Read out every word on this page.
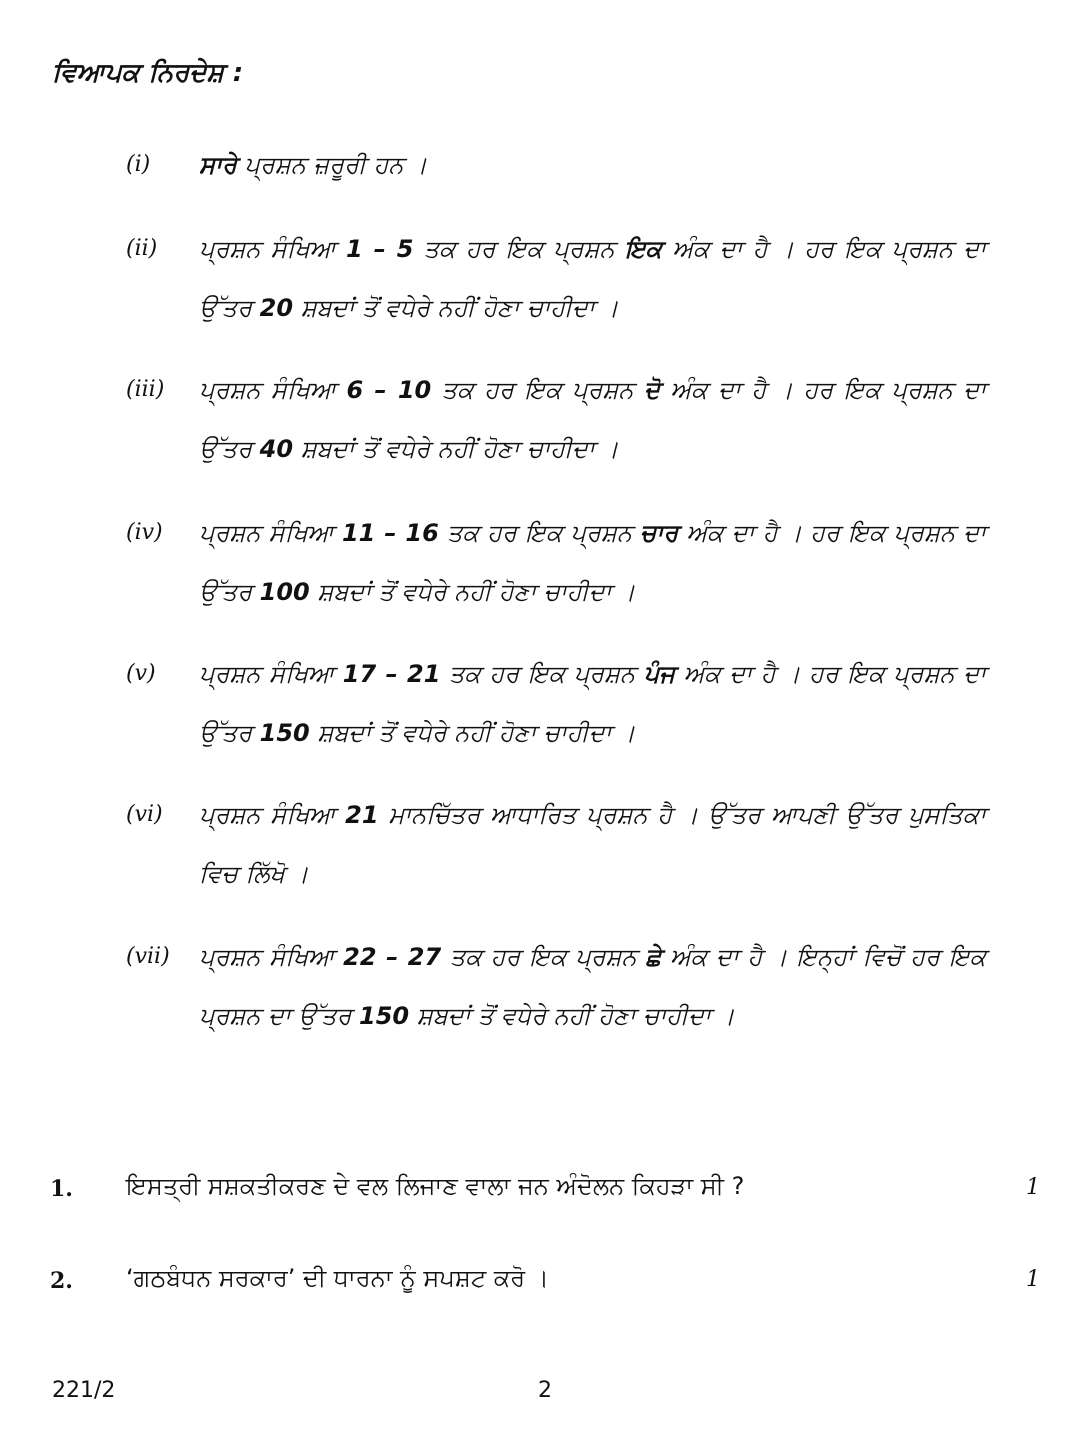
ਵਿਆਪਕ ਨਿਰਦੇਸ਼ :
(i)	ਸਾਰੇ ਪ੍ਰਸ਼ਨ ਜ਼ਰੂਰੀ ਹਨ ।
(ii)	ਪ੍ਰਸ਼ਨ ਸੰਖਿਆ 1 – 5 ਤਕ ਹਰ ਇਕ ਪ੍ਰਸ਼ਨ ਇਕ ਅੰਕ ਦਾ ਹੈ । ਹਰ ਇਕ ਪ੍ਰਸ਼ਨ ਦਾ ਉੱਤਰ 20 ਸ਼ਬਦਾਂ ਤੋਂ ਵਧੇਰੇ ਨਹੀਂ ਹੋਣਾ ਚਾਹੀਦਾ ।
(iii)	ਪ੍ਰਸ਼ਨ ਸੰਖਿਆ 6 – 10 ਤਕ ਹਰ ਇਕ ਪ੍ਰਸ਼ਨ ਦੋ ਅੰਕ ਦਾ ਹੈ । ਹਰ ਇਕ ਪ੍ਰਸ਼ਨ ਦਾ ਉੱਤਰ 40 ਸ਼ਬਦਾਂ ਤੋਂ ਵਧੇਰੇ ਨਹੀਂ ਹੋਣਾ ਚਾਹੀਦਾ ।
(iv)	ਪ੍ਰਸ਼ਨ ਸੰਖਿਆ 11 – 16 ਤਕ ਹਰ ਇਕ ਪ੍ਰਸ਼ਨ ਚਾਰ ਅੰਕ ਦਾ ਹੈ । ਹਰ ਇਕ ਪ੍ਰਸ਼ਨ ਦਾ ਉੱਤਰ 100 ਸ਼ਬਦਾਂ ਤੋਂ ਵਧੇਰੇ ਨਹੀਂ ਹੋਣਾ ਚਾਹੀਦਾ ।
(v)	ਪ੍ਰਸ਼ਨ ਸੰਖਿਆ 17 – 21 ਤਕ ਹਰ ਇਕ ਪ੍ਰਸ਼ਨ ਪੰਜ ਅੰਕ ਦਾ ਹੈ । ਹਰ ਇਕ ਪ੍ਰਸ਼ਨ ਦਾ ਉੱਤਰ 150 ਸ਼ਬਦਾਂ ਤੋਂ ਵਧੇਰੇ ਨਹੀਂ ਹੋਣਾ ਚਾਹੀਦਾ ।
(vi)	ਪ੍ਰਸ਼ਨ ਸੰਖਿਆ 21 ਮਾਨਚਿੱਤਰ ਆਧਾਰਿਤ ਪ੍ਰਸ਼ਨ ਹੈ । ਉੱਤਰ ਆਪਣੀ ਉੱਤਰ ਪੁਸਤਿਕਾ ਵਿਚ ਲਿੱਖੋ ।
(vii)	ਪ੍ਰਸ਼ਨ ਸੰਖਿਆ 22 – 27 ਤਕ ਹਰ ਇਕ ਪ੍ਰਸ਼ਨ ਛੇ ਅੰਕ ਦਾ ਹੈ । ਇਨ੍ਹਾਂ ਵਿਚੋਂ ਹਰ ਇਕ ਪ੍ਰਸ਼ਨ ਦਾ ਉੱਤਰ 150 ਸ਼ਬਦਾਂ ਤੋਂ ਵਧੇਰੇ ਨਹੀਂ ਹੋਣਾ ਚਾਹੀਦਾ ।
1. ਇਸਤ੍ਰੀ ਸਸ਼ਕਤੀਕਰਣ ਦੇ ਵਲ ਲਿਜਾਣ ਵਾਲਾ ਜਨ ਅੰਦੋਲਨ ਕਿਹੜਾ ਸੀ ?	1
2. ‘ਗਠਬੰਧਨ ਸਰਕਾਰ’ ਦੀ ਧਾਰਨਾ ਨੂੰ ਸਪਸ਼ਟ ਕਰੋ ।	1
221/2	2
